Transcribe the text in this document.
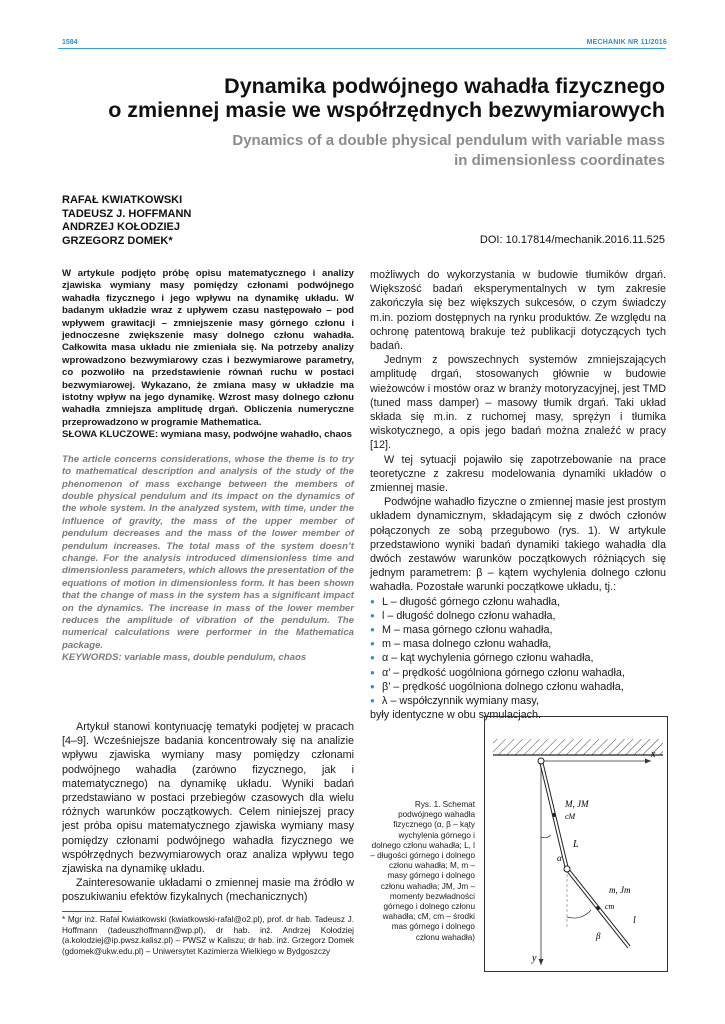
1584	MECHANIK NR 11/2016
Dynamika podwójnego wahadła fizycznego
o zmiennej masie we współrzędnych bezwymiarowych
Dynamics of a double physical pendulum with variable mass
in dimensionless coordinates
RAFAŁ KWIATKOWSKI
TADEUSZ J. HOFFMANN
ANDRZEJ KOŁODZIEJ
GRZEGORZ DOMEK*	DOI: 10.17814/mechanik.2016.11.525
W artykule podjęto próbę opisu matematycznego i analizy zjawiska wymiany masy pomiędzy członami podwójnego wahadła fizycznego i jego wpływu na dynamikę układu. W badanym układzie wraz z upływem czasu następowało – pod wpływem grawitacji – zmniejszenie masy górnego członu i jednoczesne zwiększenie masy dolnego członu wahadła. Całkowita masa układu nie zmieniała się. Na potrzeby analizy wprowadzono bezwymiarowy czas i bezwymiarowe parametry, co pozwoliło na przedstawienie równań ruchu w postaci bezwymiarowej. Wykazano, że zmiana masy w układzie ma istotny wpływ na jego dynamikę. Wzrost masy dolnego członu wahadła zmniejsza amplitudę drgań. Obliczenia numeryczne przeprowadzono w programie Mathematica.
SŁOWA KLUCZOWE: wymiana masy, podwójne wahadło, chaos
The article concerns considerations, whose the theme is to try to mathematical description and analysis of the study of the phenomenon of mass exchange between the members of double physical pendulum and its impact on the dynamics of the whole system. In the analyzed system, with time, under the influence of gravity, the mass of the upper member of pendulum decreases and the mass of the lower member of pendulum increases. The total mass of the system doesn’t change. For the analysis introduced dimensionless time and dimensionless parameters, which allows the presentation of the equations of motion in dimensionless form. It has been shown that the change of mass in the system has a significant impact on the dynamics. The increase in mass of the lower member reduces the amplitude of vibration of the pendulum. The numerical calculations were performer in the Mathematica package.
KEYWORDS: variable mass, double pendulum, chaos

Artykuł stanowi kontynuację tematyki podjętej w pracach [4–9]. Wcześniejsze badania koncentrowały się na analizie wpływu zjawiska wymiany masy pomiędzy członami podwójnego wahadła (zarówno fizycznego, jak i matematycznego) na dynamikę układu. Wyniki badań przedstawiano w postaci przebiegów czasowych dla wielu różnych warunków początkowych. Celem niniejszej pracy jest próba opisu matematycznego zjawiska wymiany masy pomiędzy członami podwójnego wahadła fizycznego we współrzędnych bezwymiarowych oraz analiza wpływu tego zjawiska na dynamikę układu.

Zainteresowanie układami o zmiennej masie ma źródło w poszukiwaniu efektów fizykalnych (mechanicznych)

* Mgr inż. Rafał Kwiatkowski (kwiatkowski-rafal@o2.pl), prof. dr hab. Tadeusz J. Hoffmann (tadeuszhoffmann@wp.pl), dr hab. inż. Andrzej Kołodziej (a.kolodziej@ip.pwsz.kalisz.pl) – PWSZ w Kaliszu; dr hab. inż. Grzegorz Domek (gdomek@ukw.edu.pl) – Uniwersytet Kazimierza Wielkiego w Bydgoszczy

możliwych do wykorzystania w budowie tłumików drgań. Większość badań eksperymentalnych w tym zakresie zakończyła się bez większych sukcesów, o czym świadczy m.in. poziom dostępnych na rynku produktów. Ze względu na ochronę patentową brakuje też publikacji dotyczących tych badań.

Jednym z powszechnych systemów zmniejszających amplitudę drgań, stosowanych głównie w budowie wieżowców i mostów oraz w branży motoryzacyjnej, jest TMD (tuned mass damper) – masowy tłumik drgań. Taki układ składa się m.in. z ruchomej masy, sprężyn i tłumika wiskotycznego, a opis jego badań można znaleźć w pracy [12].

W tej sytuacji pojawiło się zapotrzebowanie na prace teoretyczne z zakresu modelowania dynamiki układów o zmiennej masie.

Podwójne wahadło fizyczne o zmiennej masie jest prostym układem dynamicznym, składającym się z dwóch członów połączonych ze sobą przegubowo (rys. 1). W artykule przedstawiono wyniki badań dynamiki takiego wahadła dla dwóch zestawów warunków początkowych różniących się jednym parametrem: β – kątem wychylenia dolnego członu wahadła. Pozostałe warunki początkowe układu, tj.:

● L – długość górnego członu wahadła,
● l – długość dolnego członu wahadła,
● M – masa górnego członu wahadła,
● m – masa dolnego członu wahadła,
● α – kąt wychylenia górnego członu wahadła,
● α’ – prędkość uogólniona górnego członu wahadła,
● β’ – prędkość uogólniona dolnego członu wahadła,
● λ – współczynnik wymiany masy,
były identyczne w obu symulacjach.
Rys. 1. Schemat podwójnego wahadła fizycznego (α, β – kąty wychylenia górnego i dolnego członu wahadła; L, l – długości górnego i dolnego członu wahadła; M, m – masy górnego i dolnego członu wahadła; JM, Jm – momenty bezwładności górnego i dolnego członu wahadła; cM, cm – środki mas górnego i dolnego członu wahadła)
x
y
M, JM
cM
L
α
m, Jm
cm
l
β
